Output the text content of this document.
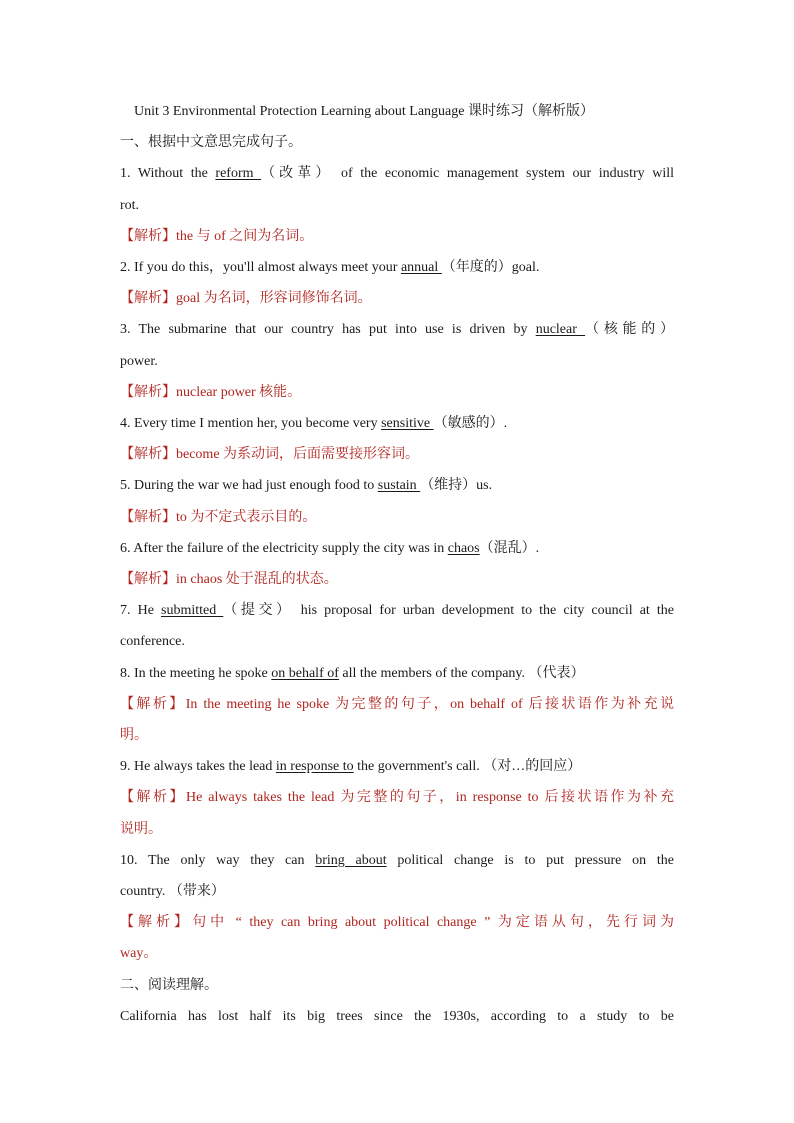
Unit 3 Environmental Protection Learning about Language 课时练习（解析版）
一、根据中文意思完成句子。
1. Without the reform （改革） of the economic management system our industry will
rot.
【解析】the 与 of 之间为名词。
2. If you do this，you'll almost always meet your annual （年度的）goal.
【解析】goal 为名词，形容词修饰名词。
3. The submarine that our country has put into use is driven by nuclear （核能的）
power.
【解析】nuclear power 核能。
4. Every time I mention her, you become very sensitive （敏感的）.
【解析】become 为系动词，后面需要接形容词。
5. During the war we had just enough food to sustain （维持）us.
【解析】to 为不定式表示目的。
6. After the failure of the electricity supply the city was in chaos（混乱）.
【解析】in chaos 处于混乱的状态。
7. He submitted （提交） his proposal for urban development to the city council at the
conference.
8. In the meeting he spoke on behalf of all the members of the company. （代表）
【解析】In the meeting he spoke 为完整的句子，on behalf of 后接状语作为补充说
明。
9. He always takes the lead in response to the government's call. （对…的回应）
【解析】He always takes the lead 为完整的句子，in response to 后接状语作为补充
说明。
10. The only way they can bring about political change is to put pressure on the
country. （带来）
【解析】句中 “ they can bring about political change ” 为定语从句，先行词为
way。
二、阅读理解。
California has lost half its big trees since the 1930s, according to a study to be
